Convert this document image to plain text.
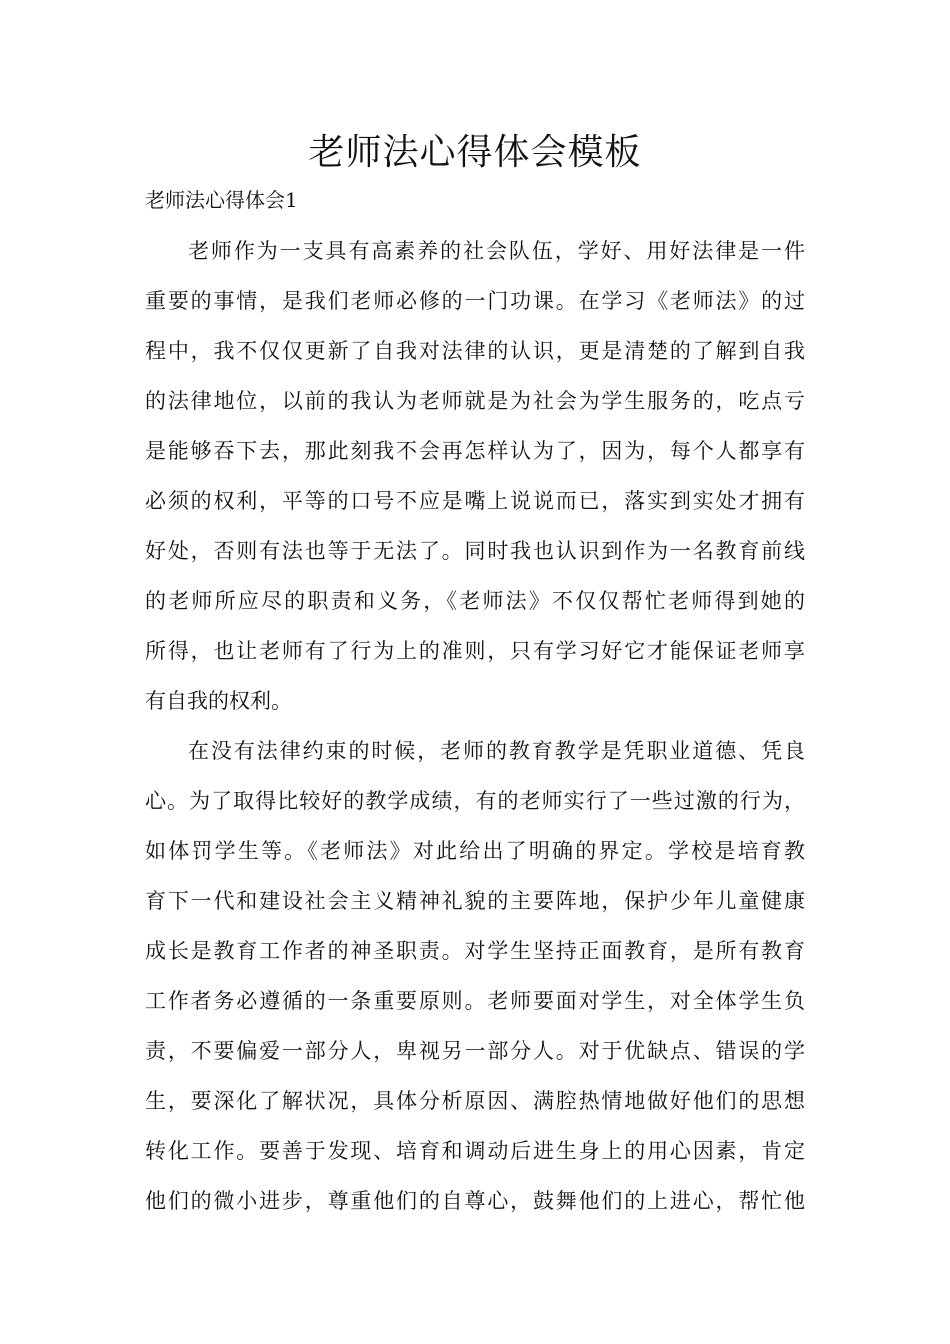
老师法心得体会模板
老师法心得体会1
老师作为一支具有高素养的社会队伍，学好、用好法律是一件
重要的事情，是我们老师必修的一门功课。在学习《老师法》的过
程中，我不仅仅更新了自我对法律的认识，更是清楚的了解到自我
的法律地位，以前的我认为老师就是为社会为学生服务的，吃点亏
是能够吞下去，那此刻我不会再怎样认为了，因为，每个人都享有
必须的权利，平等的口号不应是嘴上说说而已，落实到实处才拥有
好处，否则有法也等于无法了。同时我也认识到作为一名教育前线
的老师所应尽的职责和义务，《老师法》不仅仅帮忙老师得到她的
所得，也让老师有了行为上的准则，只有学习好它才能保证老师享
有自我的权利。
在没有法律约束的时候，老师的教育教学是凭职业道德、凭良
心。为了取得比较好的教学成绩，有的老师实行了一些过激的行为，
如体罚学生等。《老师法》对此给出了明确的界定。学校是培育教
育下一代和建设社会主义精神礼貌的主要阵地，保护少年儿童健康
成长是教育工作者的神圣职责。对学生坚持正面教育，是所有教育
工作者务必遵循的一条重要原则。老师要面对学生，对全体学生负
责，不要偏爱一部分人，卑视另一部分人。对于优缺点、错误的学
生，要深化了解状况，具体分析原因、满腔热情地做好他们的思想
转化工作。要善于发现、培育和调动后进生身上的用心因素，肯定
他们的微小进步，尊重他们的自尊心，鼓舞他们的上进心，帮忙他
